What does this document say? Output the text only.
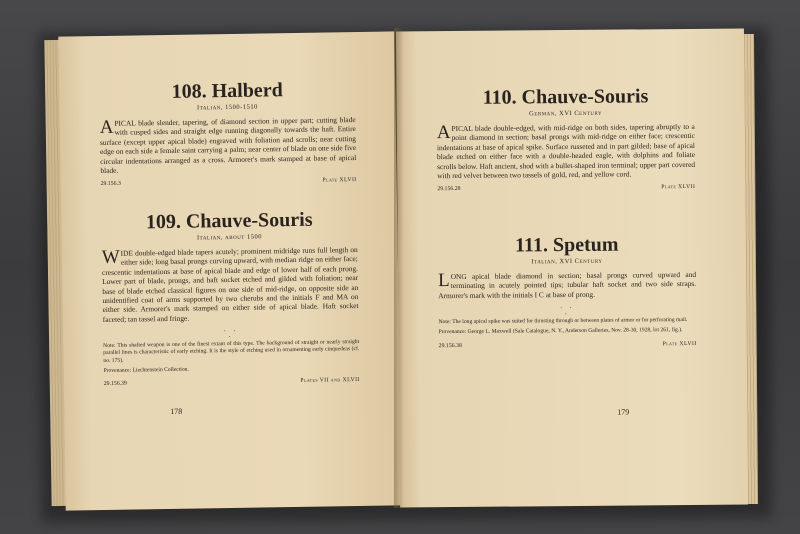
108. Halberd
Italian, 1500-1510

APICAL blade slender, tapering, of diamond section in upper part; cutting blade with cusped sides and straight edge running diagonally towards the haft. Entire surface (except upper apical blade) engraved with foliation and scrolls; near cutting edge on each side a female saint carrying a palm; near center of blade on one side five circular indentations arranged as a cross. Armorer's mark stamped at base of apical blade.

29.156.3
Plate XLVII
109. Chauve-Souris
Italian, about 1500

WIDE double-edged blade tapers acutely; prominent midridge runs full length on either side; long basal prongs curving upward, with median ridge on either face; crescentic indentations at base of apical blade and edge of lower half of each prong. Lower part of blade, prongs, and haft socket etched and gilded with foliation; near base of blade etched classical figures on one side of mid-ridge, on opposite side an unidentified coat of arms supported by two cherubs and the initials F and MA on either side. Armorer's mark stamped on either side of apical blade. Haft socket faceted; tan tassel and fringe.

. .
.

Note: This shafted weapon is one of the finest extant of this type. The background of straight or nearly straight parallel lines is characteristic of early etching. It is the style of etching used in ornamenting early cinquedeas (cf. no. 175).

Provenance: Liechtenstein Collection.

29.156.39	Plates VII and XLVII
178
110. Chauve-Souris
German, XVI Century

APICAL blade double-edged, with mid-ridge on both sides, tapering abruptly to a point diamond in section; basal prongs with mid-ridge on either face; crescentic indentations at base of apical spike. Surface russeted and in part gilded; base of apical blade etched on either face with a double-headed eagle, with dolphins and foliate scrolls below. Haft ancient, shod with a bullet-shaped iron terminal; upper part covered with red velvet between two tassels of gold, red, and yellow cord.

29.156.28	Plate XLVII
111. Spetum
Italian, XVI Century

LONG apical blade diamond in section; basal prongs curved upward and terminating in acutely pointed tips; tubular haft socket and two side straps. Armorer's mark with the initials I C at base of prong.

. .
.

Note: The long apical spike was suited for thrusting through or between plates of armor or for perforating mail.

Provenance: George L. Maxwell (Sale Catalogue, N. Y., Anderson Galleries, Nov. 28-30, 1928, lot 261, fig.).

29.156.38	Plate XLVII
179
